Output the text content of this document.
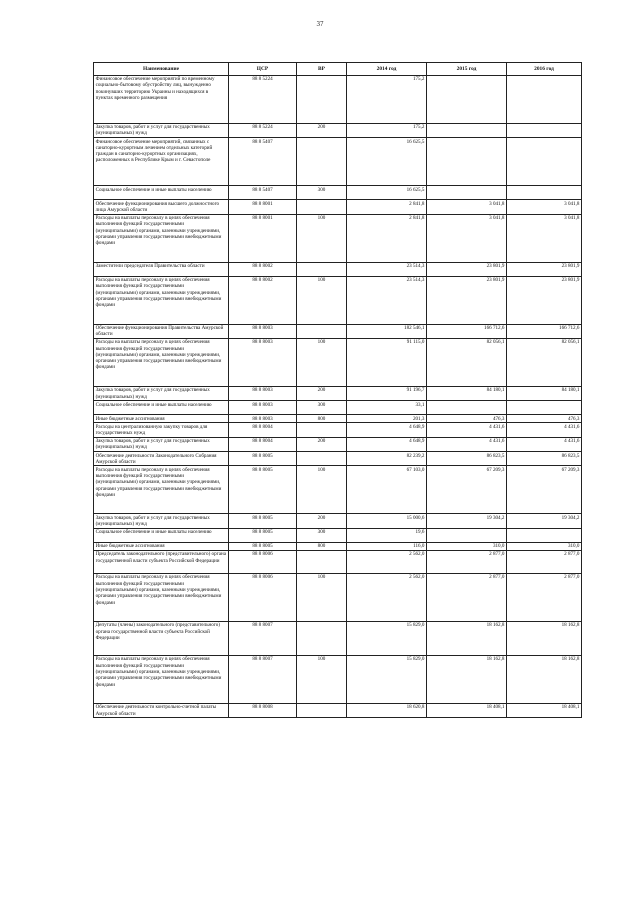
37
Наименование	ЦСР	ВР	2014 год	2015 год	2016 год
Финансовое обеспечение мероприятий по временному социально-бытовому обустройству лиц, вынужденно покинувших территорию Украины и находящихся в пунктах временного размещения	88 8 5224		175,2		
Закупка товаров, работ и услуг для государственных (муниципальных) нужд	88 8 5224	200	175,2		
Финансовое обеспечение мероприятий, связанных с санаторно-курортным лечением отдельных категорий граждан в санаторно-курортных организациях, расположенных в Республике Крым и г. Севастополе	88 8 5407		16 625,5		
Социальное обеспечение и иные выплаты населению	88 8 5407	300	16 625,5		
Обеспечение функционирования высшего должностного лица Амурской области	88 8 8001		2 841,8	3 041,8	3 041,8
Расходы на выплаты персоналу в целях обеспечения выполнения функций государственными (муниципальными) органами, казенными учреждениями, органами управления государственными внебюджетными фондами	88 8 8001	100	2 841,8	3 041,8	3 041,8
Заместители председателя Правительства области	88 8 8002		23 514,3	23 801,9	23 801,9
Расходы на выплаты персоналу в целях обеспечения выполнения функций государственными (муниципальными) органами, казенными учреждениями, органами управления государственными внебюджетными фондами	88 8 8002	100	23 514,3	23 801,9	23 801,9
Обеспечение функционирования Правительства Амурской области	88 8 8003		182 546,1	166 712,6	166 712,6
Расходы на выплаты персоналу в целях обеспечения выполнения функций государственными (муниципальными) органами, казенными учреждениями, органами управления государственными внебюджетными фондами	88 8 8003	100	91 115,0	82 056,1	82 056,1
Закупка товаров, работ и услуг для государственных (муниципальных) нужд	88 8 8003	200	91 196,7	84 180,1	84 180,1
Социальное обеспечение и иные выплаты населению	88 8 8003	300	33,1		
Иные бюджетные ассигнования	88 8 8003	800	201,3	476,3	476,3
Расходы на централизованную закупку товаров для государственных нужд	88 8 8004		4 648,9	4 431,6	4 431,6
Закупка товаров, работ и услуг для государственных (муниципальных) нужд	88 8 8004	200	4 648,9	4 431,6	4 431,6
Обеспечение деятельности Законодательного Собрания Амурской области	88 8 8005		82 239,2	86 823,5	86 823,5
Расходы на выплаты персоналу в целях обеспечения выполнения функций государственными (муниципальными) органами, казенными учреждениями, органами управления государственными внебюджетными фондами	88 8 8005	100	67 103,0	67 209,3	67 209,3
Закупка товаров, работ и услуг для государственных (муниципальных) нужд	88 8 8005	200	15 000,6	19 304,2	19 304,2
Социальное обеспечение и иные выплаты населению	88 8 8005	300	19,6		
Иные бюджетные ассигнования	88 8 8005	800	116,0	310,0	310,0
Председатель законодательного (представительного) органа государственной власти субъекта Российской Федерации	88 8 8006		2 562,0	2 877,0	2 877,0
Расходы на выплаты персоналу в целях обеспечения выполнения функций государственными (муниципальными) органами, казенными учреждениями, органами управления государственными внебюджетными фондами	88 8 8006	100	2 562,0	2 877,0	2 877,0
Депутаты (члены) законодательного (представительного) органа государственной власти субъекта Российской Федерации	88 8 8007		15 829,0	18 162,8	18 162,8
Расходы на выплаты персоналу в целях обеспечения выполнения функций государственными (муниципальными) органами, казенными учреждениями, органами управления государственными внебюджетными фондами	88 8 8007	100	15 829,0	18 162,8	18 162,8
Обеспечение деятельности контрольно-счетной палаты Амурской области	88 8 8008		18 620,8	18 408,1	18 408,1
